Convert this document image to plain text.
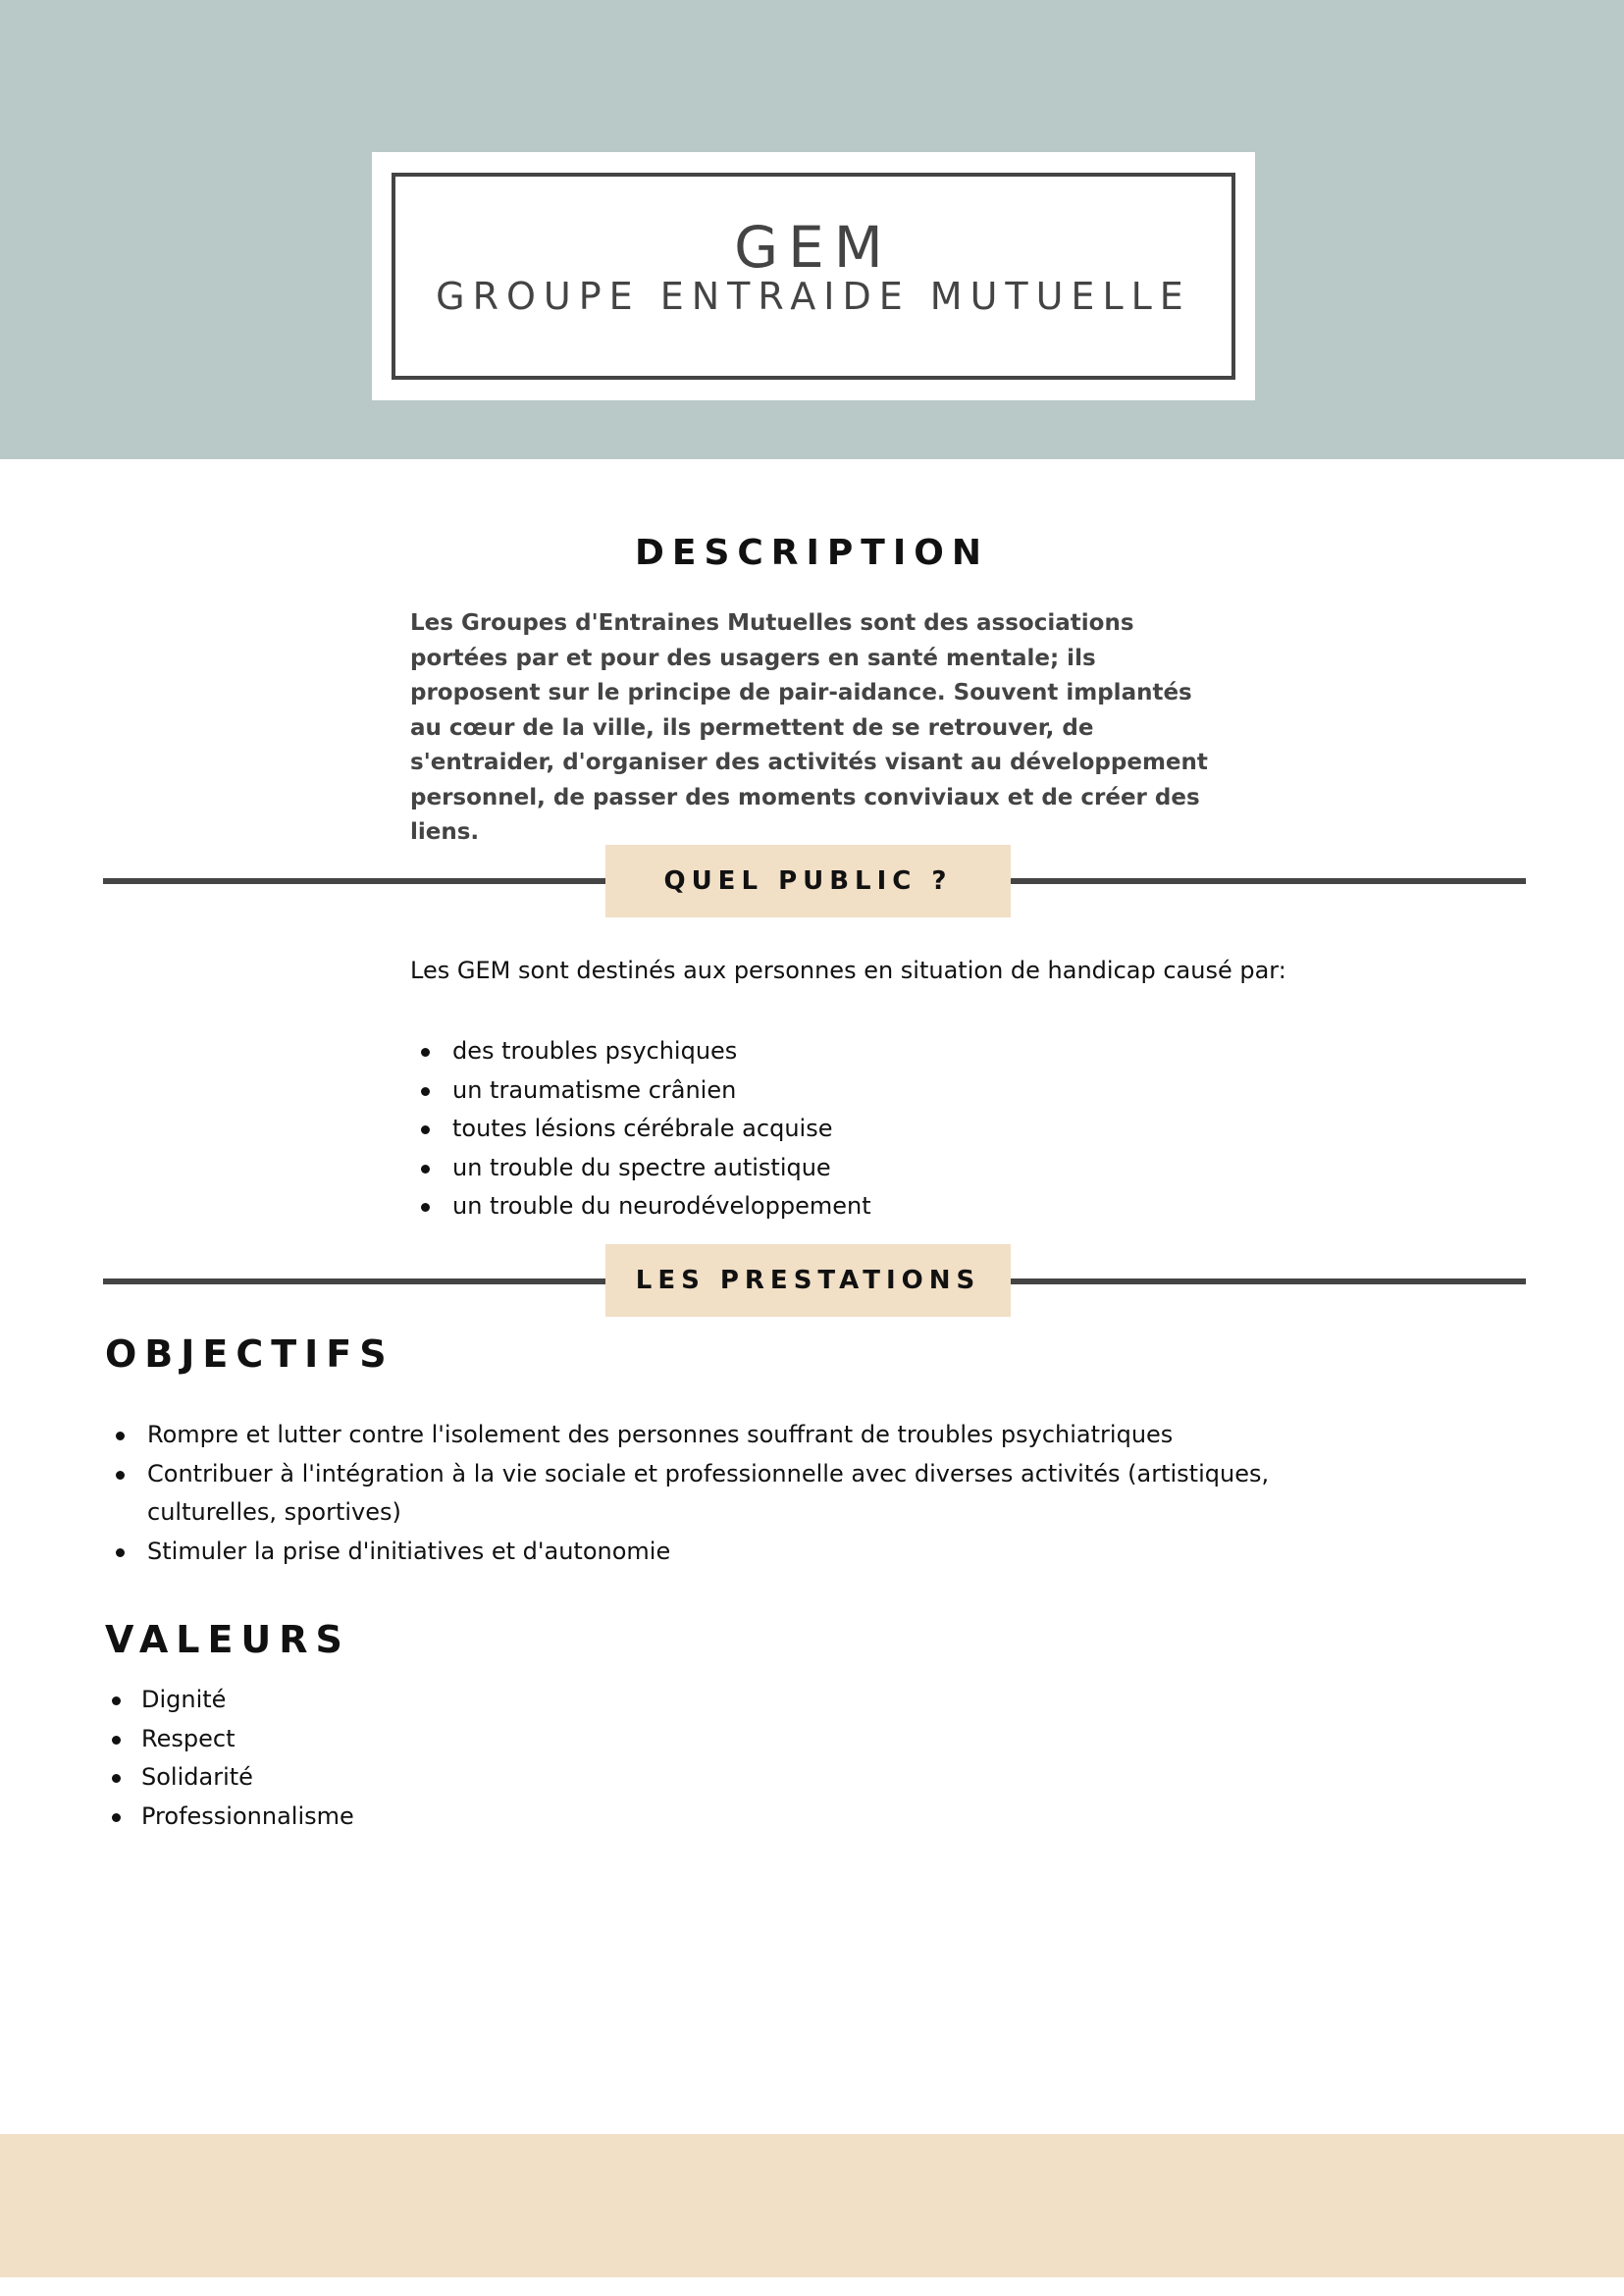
GEM
GROUPE ENTRAIDE MUTUELLE
DESCRIPTION
Les Groupes d'Entraines Mutuelles sont des associations portées par et pour des usagers en santé mentale; ils proposent sur le principe de pair-aidance. Souvent implantés au cœur de la ville, ils permettent de se retrouver, de s'entraider, d'organiser des activités visant au développement personnel, de passer des moments conviviaux et de créer des liens.
QUEL PUBLIC ?
Les GEM sont destinés aux personnes en situation de handicap causé par:
des troubles psychiques
un traumatisme crânien
toutes lésions cérébrale acquise
un trouble du spectre autistique
un trouble du neurodéveloppement
LES PRESTATIONS
OBJECTIFS
Rompre et lutter contre l'isolement des personnes souffrant de troubles psychiatriques
Contribuer à l'intégration à la vie sociale et professionnelle avec diverses activités (artistiques, culturelles, sportives)
Stimuler la prise d'initiatives et d'autonomie
VALEURS
Dignité
Respect
Solidarité
Professionnalisme
